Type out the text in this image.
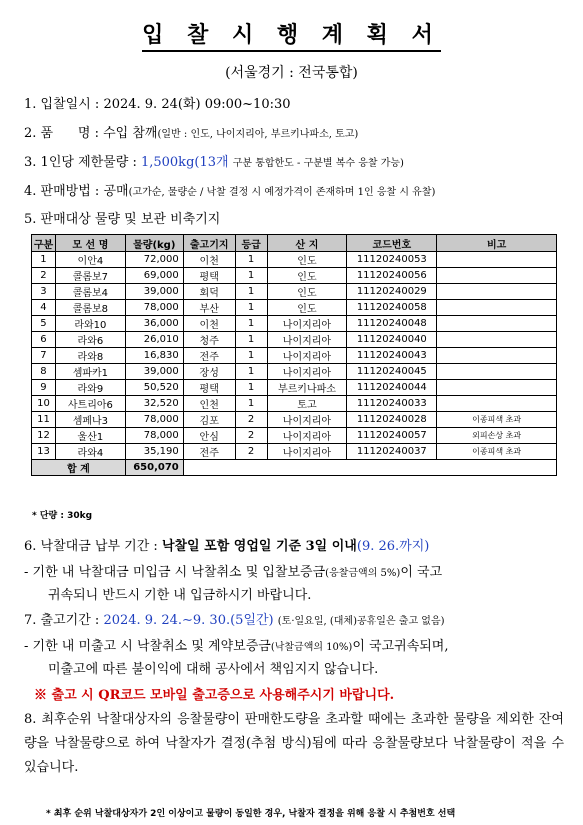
입 찰 시 행 계 획 서
(서울경기 : 전국통합)
1. 입찰일시 : 2024. 9. 24(화) 09:00~10:30
2. 품      명 : 수입 참깨(일반 : 인도, 나이지리아, 부르키나파소, 토고)
3. 1인당 제한물량 : 1,500kg(13개 구분 통합한도 - 구분별 복수 응찰 가능)
4. 판매방법 : 공매(고가순, 물량순 / 낙찰 결정 시 예정가격이 존재하며 1인 응찰 시 유찰)
5. 판매대상 물량 및 보관 비축기지
구분	모 선 명	물량(kg)	출고기지	등급	산 지	코드번호	비고
1	이안4	72,000	이천	1	인도	11120240053	
2	콜롬보7	69,000	평택	1	인도	11120240056	
3	콜롬보4	39,000	회덕	1	인도	11120240029	
4	콜롬보8	78,000	부산	1	인도	11120240058	
5	라와10	36,000	이천	1	나이지리아	11120240048	
6	라와6	26,010	청주	1	나이지리아	11120240040	
7	라와8	16,830	전주	1	나이지리아	11120240043	
8	셈파카1	39,000	장성	1	나이지리아	11120240045	
9	라와9	50,520	평택	1	부르키나파소	11120240044	
10	사트리아6	32,520	인천	1	토고	11120240033	
11	셈페나3	78,000	김포	2	나이지리아	11120240028	이종피색 초과
12	울산1	78,000	안심	2	나이지리아	11120240057	외피손상 초과
13	라와4	35,190	전주	2	나이지리아	11120240037	이종피색 초과
합 계		650,070					
* 단량 : 30kg
6. 낙찰대금 납부 기간 : 낙찰일 포함 영업일 기준 3일 이내(9. 26.까지)
- 기한 내 낙찰대금 미입금 시 낙찰취소 및 입찰보증금(응찰금액의 5%)이 국고
귀속되니 반드시 기한 내 입금하시기 바랍니다.
7. 출고기간 : 2024. 9. 24.∼9. 30.(5일간) (토·일요일, (대체)공휴일은 출고 없음)
- 기한 내 미출고 시 낙찰취소 및 계약보증금(낙찰금액의 10%)이 국고귀속되며,
미출고에 따른 불이익에 대해 공사에서 책임지지 않습니다.
※ 출고 시 QR코드 모바일 출고증으로 사용해주시기 바랍니다.
8. 최후순위 낙찰대상자의 응찰물량이 판매한도량을 초과할 때에는 초과한 물량을 제외한 잔여량을 낙찰물량으로 하여 낙찰자가 결정(추첨 방식)됨에 따라 응찰물량보다 낙찰물량이 적을 수 있습니다.
* 최후 순위 낙찰대상자가 2인 이상이고 물량이 동일한 경우, 낙찰자 결정을 위해 응찰 시 추첨번호 선택
